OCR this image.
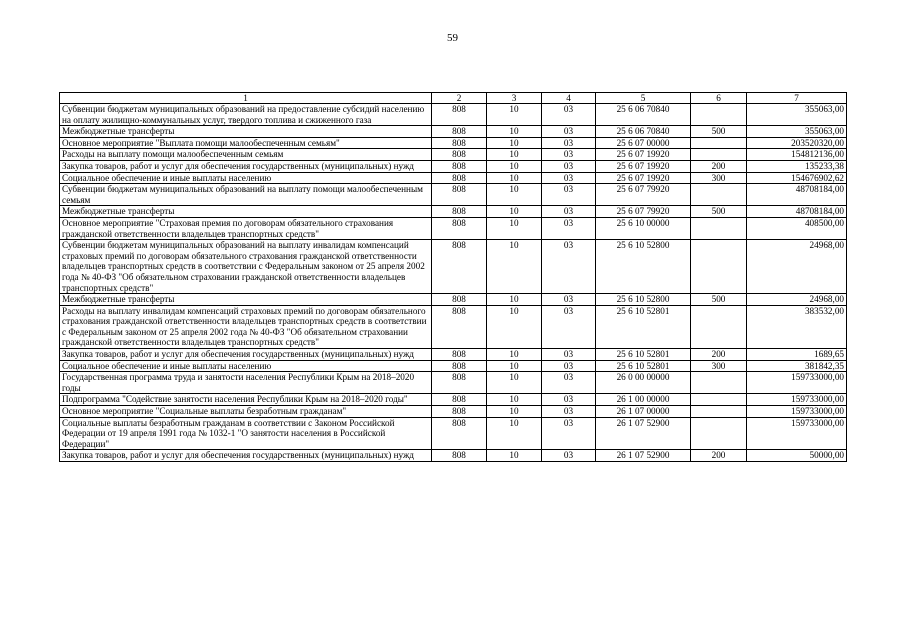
59
1	2	3	4	5	6	7
Субвенции бюджетам муниципальных образований на предоставление субсидий населению на оплату жилищно-коммунальных услуг, твердого топлива и сжиженного газа	808	10	03	25 6 06 70840		355063,00
Межбюджетные трансферты	808	10	03	25 6 06 70840	500	355063,00
Основное мероприятие "Выплата помощи малообеспеченным семьям"	808	10	03	25 6 07 00000		203520320,00
Расходы на выплату помощи малообеспеченным семьям	808	10	03	25 6 07 19920		154812136,00
Закупка товаров, работ и услуг для обеспечения государственных (муниципальных) нужд	808	10	03	25 6 07 19920	200	135233,38
Социальное обеспечение и иные выплаты населению	808	10	03	25 6 07 19920	300	154676902,62
Субвенции бюджетам муниципальных образований на выплату помощи малообеспеченным семьям	808	10	03	25 6 07 79920		48708184,00
Межбюджетные трансферты	808	10	03	25 6 07 79920	500	48708184,00
Основное мероприятие "Страховая премия по договорам обязательного страхования гражданской ответственности владельцев транспортных средств"	808	10	03	25 6 10 00000		408500,00
Субвенции бюджетам муниципальных образований на выплату инвалидам компенсаций страховых премий по договорам обязательного страхования гражданской ответственности владельцев транспортных средств в соответствии с Федеральным законом от 25 апреля 2002 года № 40-ФЗ "Об обязательном страховании гражданской ответственности владельцев транспортных средств"	808	10	03	25 6 10 52800		24968,00
Межбюджетные трансферты	808	10	03	25 6 10 52800	500	24968,00
Расходы на выплату инвалидам компенсаций страховых премий по договорам обязательного страхования гражданской ответственности владельцев транспортных средств в соответствии с Федеральным законом от 25 апреля 2002 года № 40-ФЗ "Об обязательном страховании гражданской ответственности владельцев транспортных средств"	808	10	03	25 6 10 52801		383532,00
Закупка товаров, работ и услуг для обеспечения государственных (муниципальных) нужд	808	10	03	25 6 10 52801	200	1689,65
Социальное обеспечение и иные выплаты населению	808	10	03	25 6 10 52801	300	381842,35
Государственная программа труда и занятости населения Республики Крым на 2018–2020 годы	808	10	03	26 0 00 00000		159733000,00
Подпрограмма "Содействие занятости населения Республики Крым на 2018–2020 годы"	808	10	03	26 1 00 00000		159733000,00
Основное мероприятие "Социальные выплаты безработным гражданам"	808	10	03	26 1 07 00000		159733000,00
Социальные выплаты безработным гражданам в соответствии с Законом Российской Федерации от 19 апреля 1991 года № 1032-1 "О занятости населения в Российской Федерации"	808	10	03	26 1 07 52900		159733000,00
Закупка товаров, работ и услуг для обеспечения государственных (муниципальных) нужд	808	10	03	26 1 07 52900	200	50000,00
